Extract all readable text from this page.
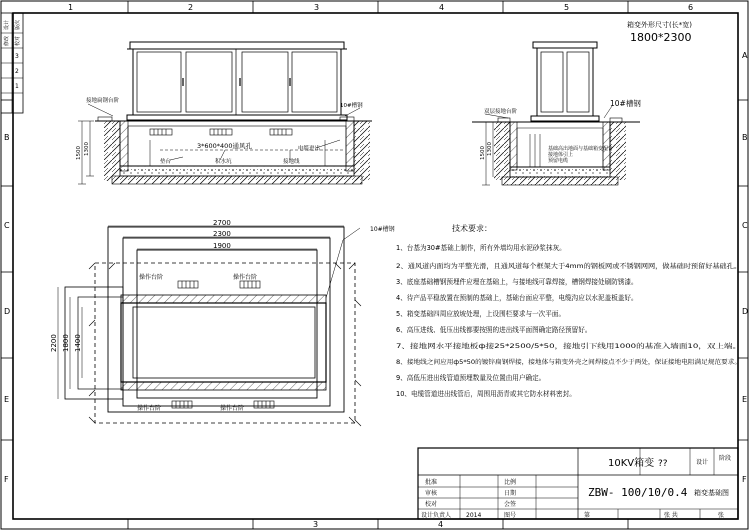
1	2	3	4	5	6
3	4
A
B	B
C	C
D	D
E	E
F	F
设计 版次
修改 校对
3
2
1
接地扁钢台阶
10#槽钢
3*600*400通风孔	电缆进出
垫台	积水坑	接地线
1500 1300
双层接地台阶
10#槽钢
基础高出地面与基础箱变配合
接地体引上
预留电缆
1500 1300
箱变外形尺寸(长*宽)
1800*2300
2700
2300
1900
10#槽钢
操作台阶	操作台阶
操作台阶	操作台阶
2200 1800 1400
技术要求：
1、台基为30#基础上制作，所有外墙均用水泥砂浆抹灰。
2、通风道内面均为平整光滑，且通风道每个框架大于4mm的钢板网或不锈钢网网，做基础时预留好基础孔。
3、底座基础槽钢预埋件应埋在基础上，与接地线可靠焊接，槽钢焊接处刷防锈漆。
4、待产品平稳放置在预制的基础上，基础台面应平整，电缆沟应以水泥盖板盖好。
5、箱变基础四周应放坡处理，上设围栏要求与一次平面。
6、高压进线、低压出线都要按照的进出线平面图确定路径预留好。
7、接地网水平接地板ф接25*2500/5*50，接地引下线用1000的基准入墙面10，双上端。
8、接地线之间应用ф5*50的镀锌扁钢焊接，接地体与箱变外壳之间焊接点不少于两处，保证接地电阻满足规范要求。
9、高低压进出线管道预埋数量及位置由用户确定。
10、电缆管道进出线管后，周围用沥青或其它防水材料密封。
10KV箱变 ??	设计
阶段
ZBW- 100/10/0.4 箱变基础图
批准	比例
审核	日期
校对	会签
设计负责人 2014	图号	第	张 共	张
